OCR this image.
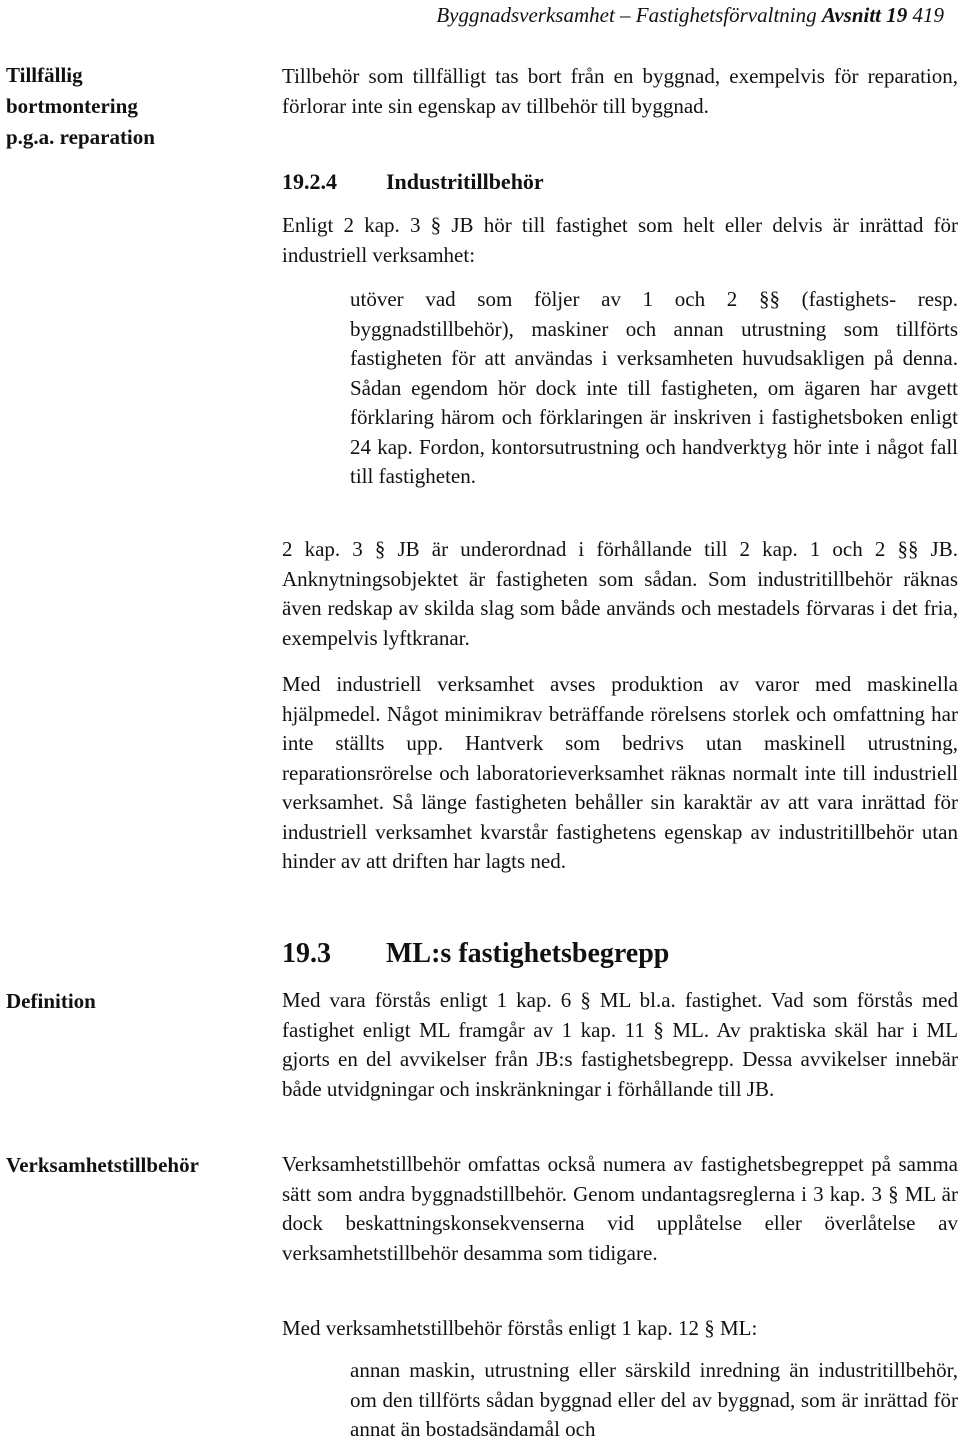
Byggnadsverksamhet – Fastighetsförvaltning Avsnitt 19 419
Tillfällig bortmontering p.g.a. reparation
Definition
Verksamhetstillbehör

Tillbehör som tillfälligt tas bort från en byggnad, exempelvis för reparation, förlorar inte sin egenskap av tillbehör till byggnad.

19.2.4 Industritillbehör

Enligt 2 kap. 3 § JB hör till fastighet som helt eller delvis är inrättad för industriell verksamhet:

utöver vad som följer av 1 och 2 §§ (fastighets- resp. byggnadstillbehör), maskiner och annan utrustning som tillförts fastigheten för att användas i verksamheten huvudsakligen på denna. Sådan egendom hör dock inte till fastigheten, om ägaren har avgett förklaring härom och förklaringen är inskriven i fastighetsboken enligt 24 kap. Fordon, kontorsutrustning och handverktyg hör inte i något fall till fastigheten.

2 kap. 3 § JB är underordnad i förhållande till 2 kap. 1 och 2 §§ JB. Anknytningsobjektet är fastigheten som sådan. Som industritillbehör räknas även redskap av skilda slag som både används och mestadels förvaras i det fria, exempelvis lyftkranar.

Med industriell verksamhet avses produktion av varor med maskinella hjälpmedel. Något minimikrav beträffande rörelsens storlek och omfattning har inte ställts upp. Hantverk som bedrivs utan maskinell utrustning, reparationsrörelse och laboratorieverksamhet räknas normalt inte till industriell verksamhet. Så länge fastigheten behåller sin karaktär av att vara inrättad för industriell verksamhet kvarstår fastighetens egenskap av industritillbehör utan hinder av att driften har lagts ned.

19.3 ML:s fastighetsbegrepp

Med vara förstås enligt 1 kap. 6 § ML bl.a. fastighet. Vad som förstås med fastighet enligt ML framgår av 1 kap. 11 § ML. Av praktiska skäl har i ML gjorts en del avvikelser från JB:s fastighetsbegrepp. Dessa avvikelser innebär både utvidgningar och inskränkningar i förhållande till JB.

Verksamhetstillbehör omfattas också numera av fastighetsbegreppet på samma sätt som andra byggnadstillbehör. Genom undantagsreglerna i 3 kap. 3 § ML är dock beskattningskonsekvenserna vid upplåtelse eller överlåtelse av verksamhetstillbehör desamma som tidigare.

Med verksamhetstillbehör förstås enligt 1 kap. 12 § ML:

annan maskin, utrustning eller särskild inredning än industritillbehör, om den tillförts sådan byggnad eller del av byggnad, som är inrättad för annat än bostadsändamål och
